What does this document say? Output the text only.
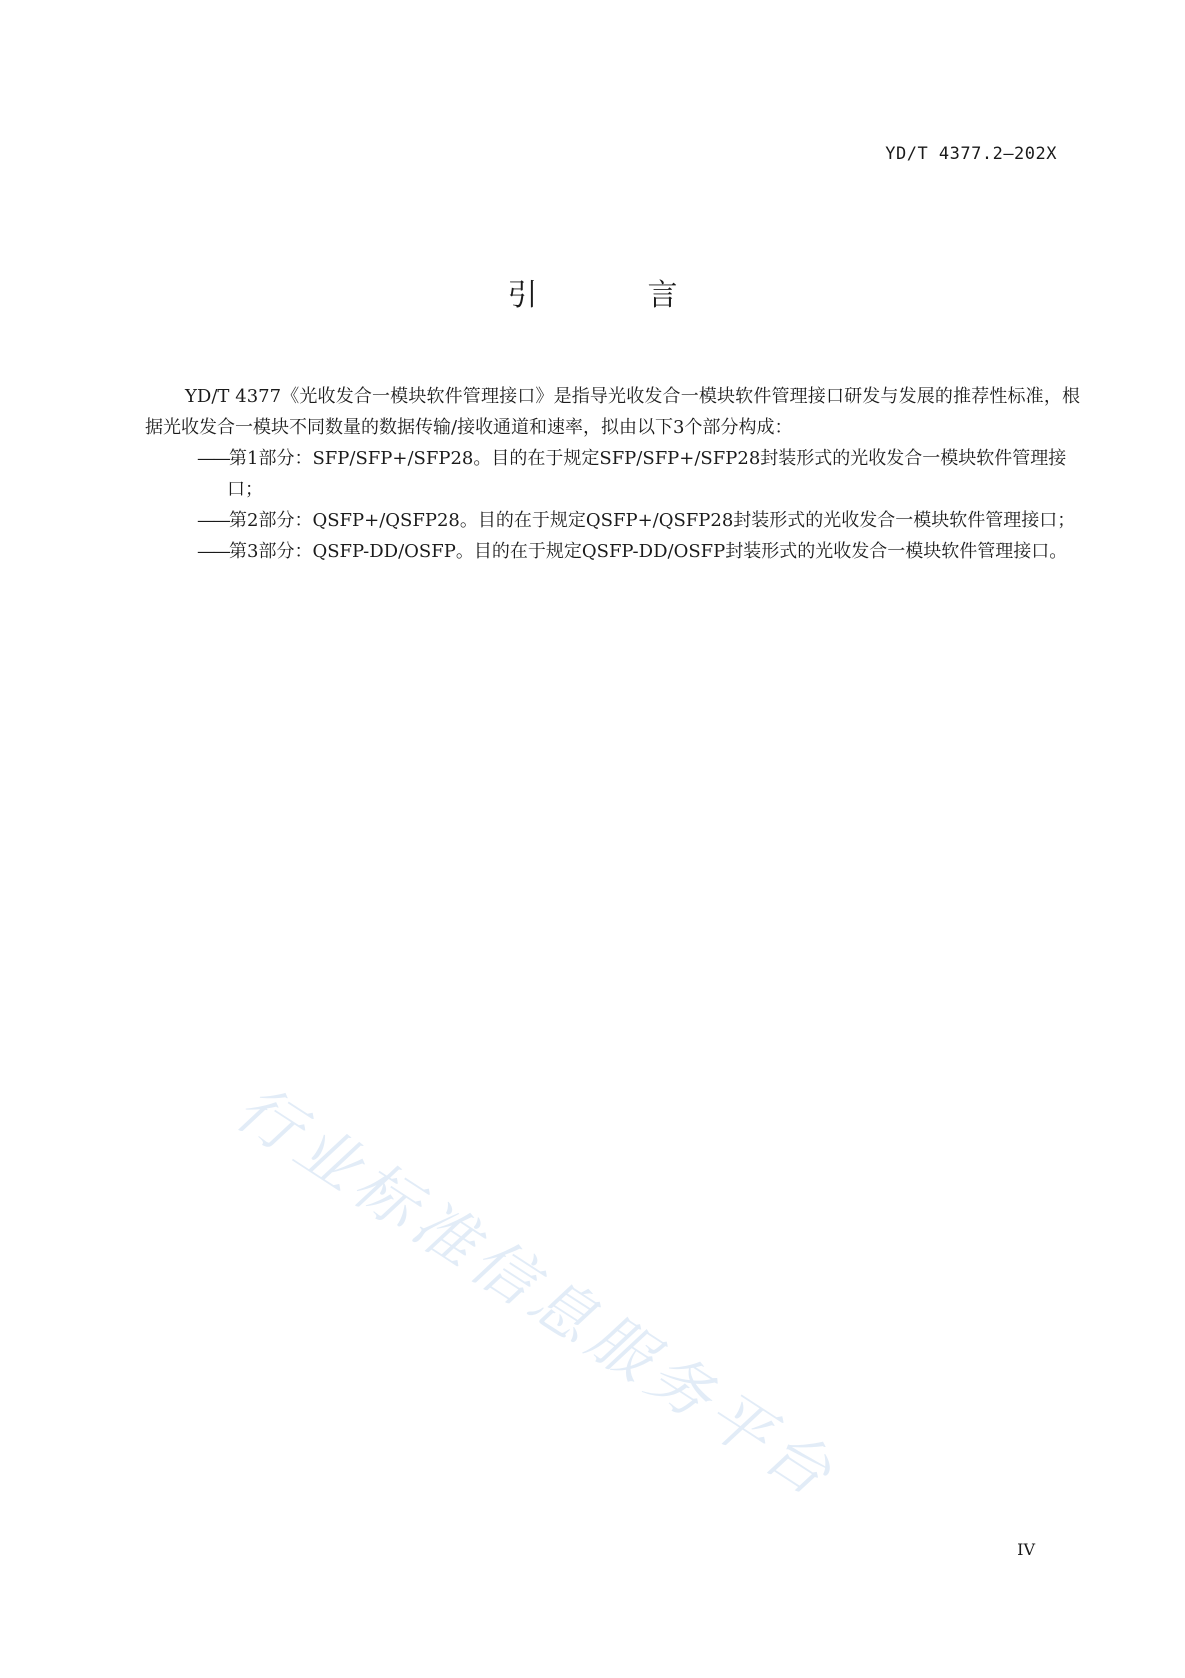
YD/T 4377.2—202X
引　言

YD/T 4377《光收发合一模块软件管理接口》是指导光收发合一模块软件管理接口研发与发展的推荐性标准，根据光收发合一模块不同数量的数据传输/接收通道和速率，拟由以下3个部分构成：

——第1部分：SFP/SFP+/SFP28。目的在于规定SFP/SFP+/SFP28封装形式的光收发合一模块软件管理接口；
——第2部分：QSFP+/QSFP28。目的在于规定QSFP+/QSFP28封装形式的光收发合一模块软件管理接口；
——第3部分：QSFP-DD/OSFP。目的在于规定QSFP-DD/OSFP封装形式的光收发合一模块软件管理接口。
行业标准信息服务平台
IV
